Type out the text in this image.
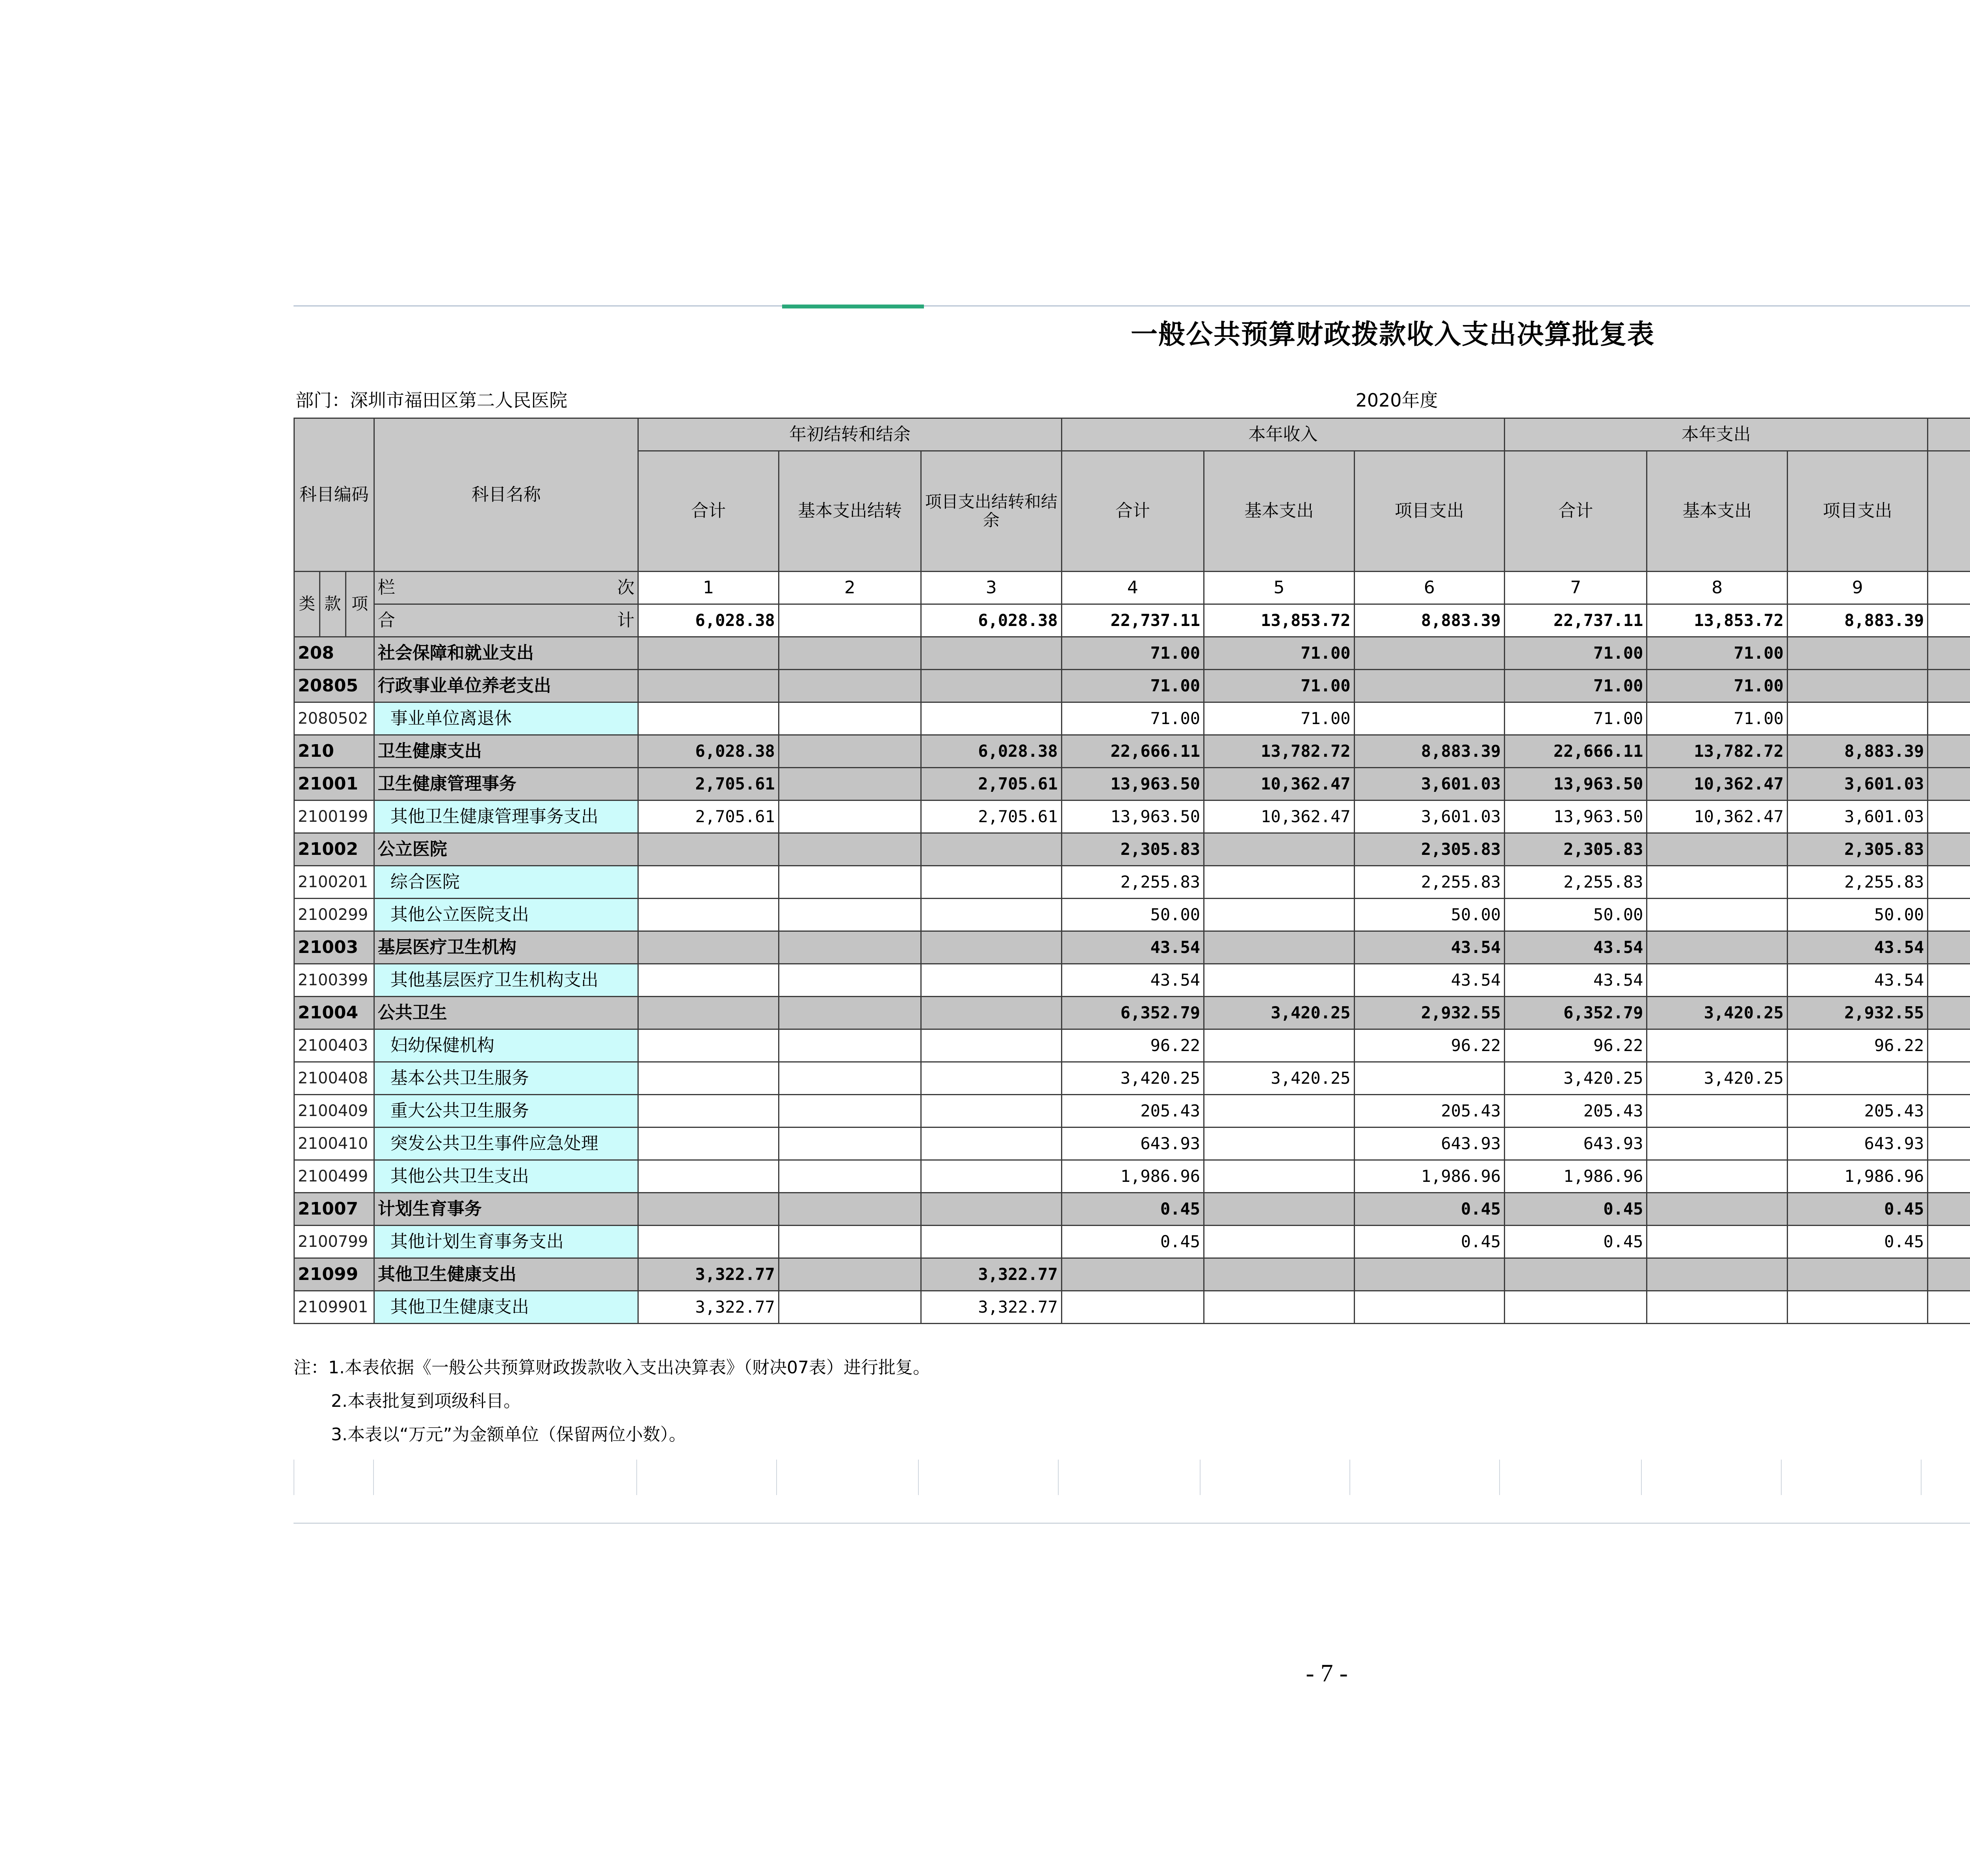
一般公共预算财政拨款收入支出决算批复表
部门：深圳市福田区第二人民医院	2020年度
科目编码			科目名称	年初结转和结余			本年收入			本年支出	
				合计	基本支出结转	项目支出结转和结余	合计	基本支出	项目支出	合计	基本支出	项目支出			

类	款	项	栏 次	1	2	3	4	5	6	7	8	9				
			合 计	6,028.38		6,028.38	22,737.11	13,853.72	8,883.39	22,737.11	13,853.72	8,883.39				
208			社会保障和就业支出				71.00	71.00		71.00	71.00					
20805			行政事业单位养老支出				71.00	71.00		71.00	71.00					
2080502			事业单位离退休				71.00	71.00		71.00	71.00					
210			卫生健康支出	6,028.38		6,028.38	22,666.11	13,782.72	8,883.39	22,666.11	13,782.72	8,883.39				
21001			卫生健康管理事务	2,705.61		2,705.61	13,963.50	10,362.47	3,601.03	13,963.50	10,362.47	3,601.03				
2100199			其他卫生健康管理事务支出	2,705.61		2,705.61	13,963.50	10,362.47	3,601.03	13,963.50	10,362.47	3,601.03				
21002			公立医院				2,305.83		2,305.83	2,305.83		2,305.83				
2100201			综合医院				2,255.83		2,255.83	2,255.83		2,255.83				
2100299			其他公立医院支出				50.00		50.00	50.00		50.00				
21003			基层医疗卫生机构				43.54		43.54	43.54		43.54				
2100399			其他基层医疗卫生机构支出				43.54		43.54	43.54		43.54				
21004			公共卫生				6,352.79	3,420.25	2,932.55	6,352.79	3,420.25	2,932.55				
2100403			妇幼保健机构				96.22		96.22	96.22		96.22				
2100408			基本公共卫生服务				3,420.25	3,420.25		3,420.25	3,420.25					
2100409			重大公共卫生服务				205.43		205.43	205.43		205.43				
2100410			突发公共卫生事件应急处理				643.93		643.93	643.93		643.93				
2100499			其他公共卫生支出				1,986.96		1,986.96	1,986.96		1,986.96				
21007			计划生育事务				0.45		0.45	0.45		0.45				
2100799			其他计划生育事务支出				0.45		0.45	0.45		0.45				
21099			其他卫生健康支出	3,322.77		3,322.77										
2109901			其他卫生健康支出	3,322.77		3,322.77										
注：1.本表依据《一般公共预算财政拨款收入支出决算表》（财决07表）进行批复。
2.本表批复到项级科目。
3.本表以“万元”为金额单位（保留两位小数）。
- 7 -
